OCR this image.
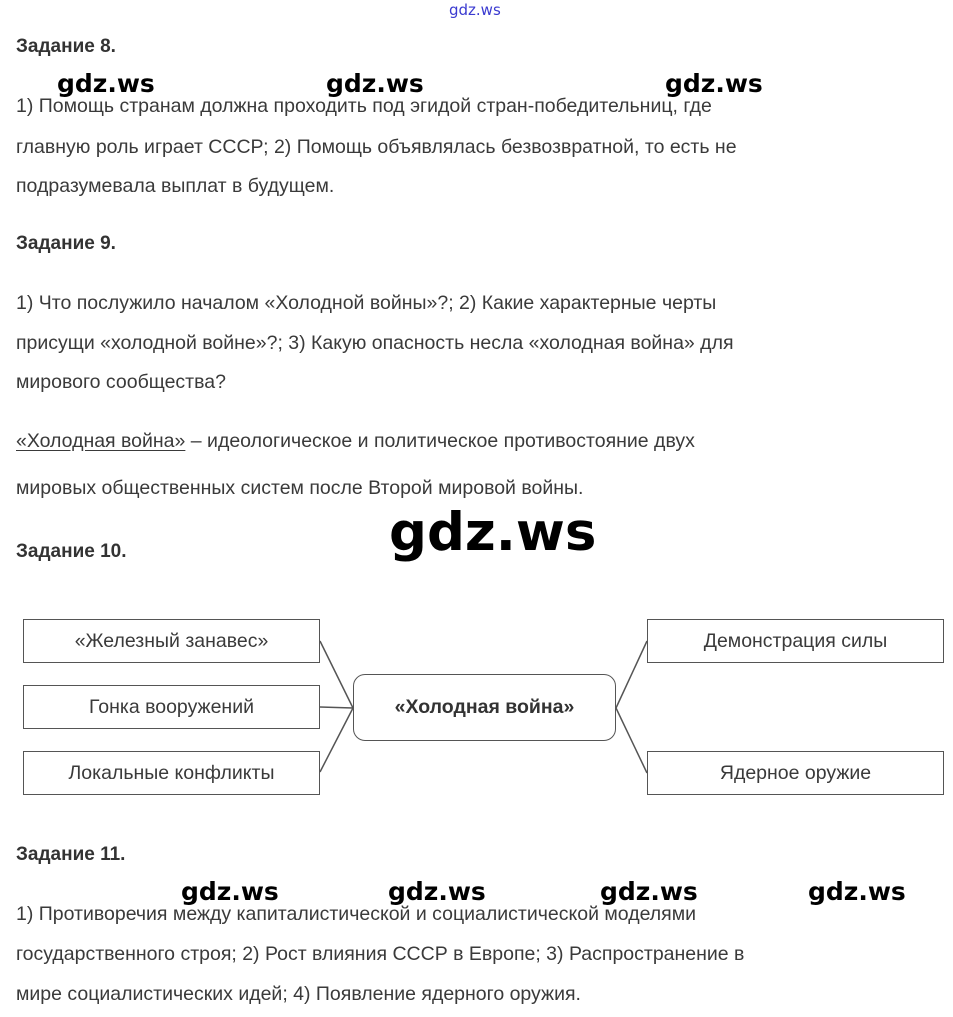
gdz.ws
Задание 8.
1) Помощь странам должна проходить под эгидой стран-победительниц, где
главную роль играет СССР; 2) Помощь объявлялась безвозвратной, то есть не
подразумевала выплат в будущем.
gdz.ws	gdz.ws	gdz.ws
Задание 9.
1) Что послужило началом «Холодной войны»?; 2) Какие характерные черты
присущи «холодной войне»?; 3) Какую опасность несла «холодная война» для
мирового сообщества?
«Холодная война» – идеологическое и политическое противостояние двух
мировых общественных систем после Второй мировой войны.
gdz.ws
Задание 10.
«Холодная война»
«Железный занавес»
Гонка вооружений
Локальные конфликты
Демонстрация силы
Ядерное оружие
Задание 11.
1) Противоречия между капиталистической и социалистической моделями
государственного строя; 2) Рост влияния СССР в Европе; 3) Распространение в
мире социалистических идей; 4) Появление ядерного оружия.
gdz.ws	gdz.ws	gdz.ws	gdz.ws
